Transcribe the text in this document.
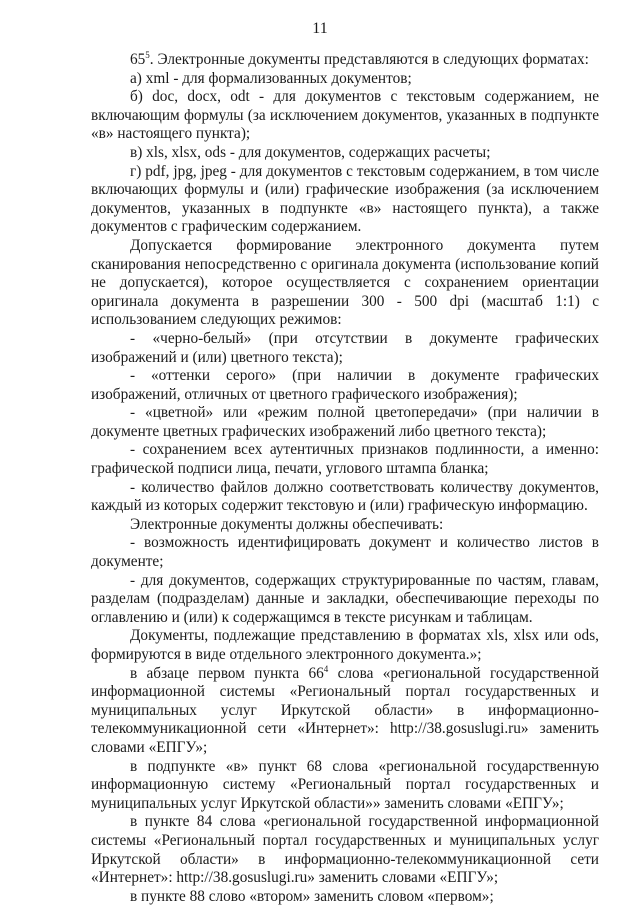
11

$65^5$. Электронные документы представляются в следующих форматах:

а) xml - для формализованных документов;

б) doc, docx, odt - для документов с текстовым содержанием, не включающим формулы (за исключением документов, указанных в подпункте «в» настоящего пункта);

в) xls, xlsx, ods - для документов, содержащих расчеты;

г) pdf, jpg, jpeg - для документов с текстовым содержанием, в том числе включающих формулы и (или) графические изображения (за исключением документов, указанных в подпункте «в» настоящего пункта), а также документов с графическим содержанием.

Допускается формирование электронного документа путем сканирования непосредственно с оригинала документа (использование копий не допускается), которое осуществляется с сохранением ориентации оригинала документа в разрешении 300 - 500 dpi (масштаб 1:1) с использованием следующих режимов:

- «черно-белый» (при отсутствии в документе графических изображений и (или) цветного текста);

- «оттенки серого» (при наличии в документе графических изображений, отличных от цветного графического изображения);

- «цветной» или «режим полной цветопередачи» (при наличии в документе цветных графических изображений либо цветного текста);

- сохранением всех аутентичных признаков подлинности, а именно: графической подписи лица, печати, углового штампа бланка;

- количество файлов должно соответствовать количеству документов, каждый из которых содержит текстовую и (или) графическую информацию.

Электронные документы должны обеспечивать:

- возможность идентифицировать документ и количество листов в документе;

- для документов, содержащих структурированные по частям, главам, разделам (подразделам) данные и закладки, обеспечивающие переходы по оглавлению и (или) к содержащимся в тексте рисункам и таблицам.

Документы, подлежащие представлению в форматах xls, xlsx или ods, формируются в виде отдельного электронного документа.»;

в абзаце первом пункта $66^4$ слова «региональной государственной информационной системы «Региональный портал государственных и муниципальных услуг Иркутской области» в информационно-телекоммуникационной сети «Интернет»: http://38.gosuslugi.ru» заменить словами «ЕПГУ»;

в подпункте «в» пункт 68 слова «региональной государственную информационную систему «Региональный портал государственных и муниципальных услуг Иркутской области»» заменить словами «ЕПГУ»;

в пункте 84 слова «региональной государственной информационной системы «Региональный портал государственных и муниципальных услуг Иркутской области» в информационно-телекоммуникационной сети «Интернет»: http://38.gosuslugi.ru» заменить словами «ЕПГУ»;

в пункте 88 слово «втором» заменить словом «первом»;
